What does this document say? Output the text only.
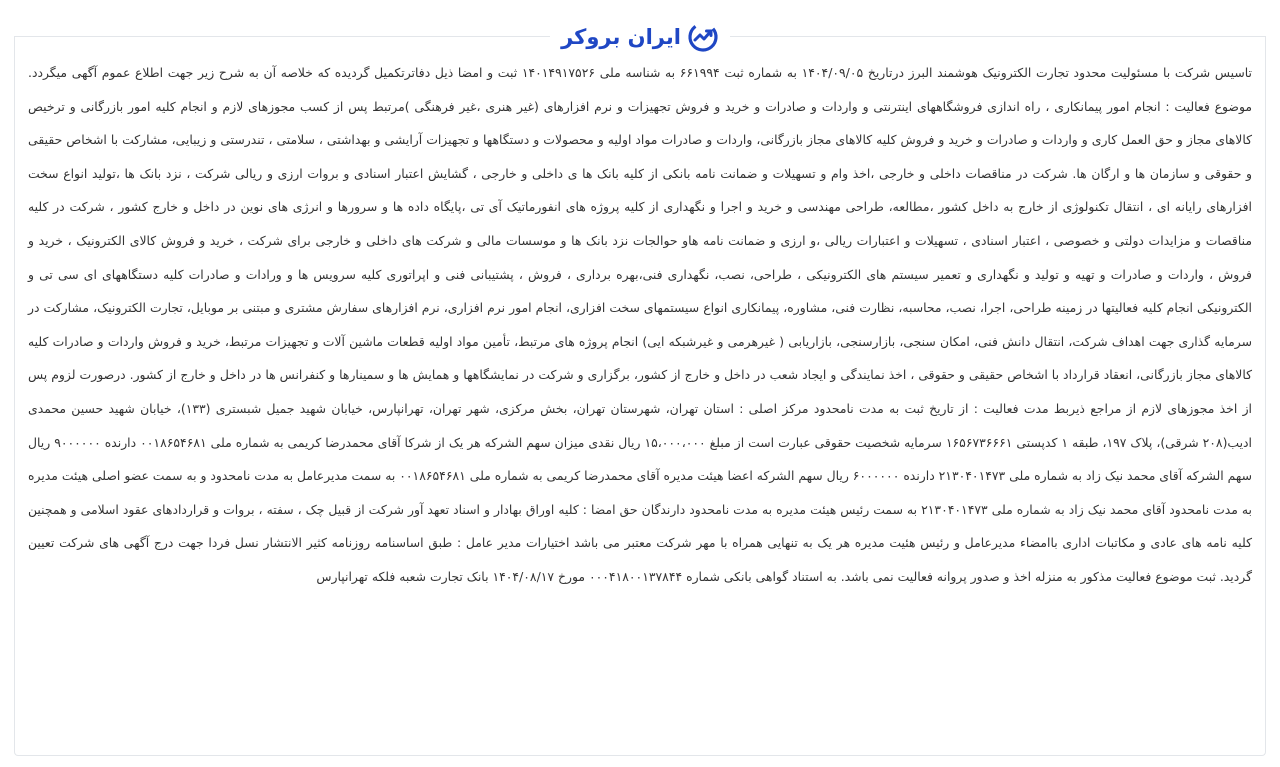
ایران بروکر

تاسیس شرکت با مسئولیت محدود تجارت الکترونیک هوشمند البرز درتاریخ ۱۴۰۴/۰۹/۰۵ به شماره ثبت ۶۶۱۹۹۴ به شناسه ملی ۱۴۰۱۴۹۱۷۵۲۶ ثبت و امضا ذیل دفاترتکمیل گردیده که خلاصه آن به شرح زیر جهت اطلاع عموم آگهی میگردد. موضوع فعالیت : انجام امور پیمانکاری ، راه اندازی فروشگاههای اینترنتی و واردات و صادرات و خرید و فروش تجهیزات و نرم افزارهای (غیر هنری ،غیر فرهنگی )مرتبط پس از کسب مجوزهای لازم و انجام کلیه امور بازرگانی و ترخیص کالاهای مجاز و حق العمل کاری و واردات و صادرات و خرید و فروش کلیه کالاهای مجاز بازرگانی، واردات و صادرات مواد اولیه و محصولات و دستگاهها و تجهیزات آرایشی و بهداشتی ، سلامتی ، تندرستی و زیبایی، مشارکت با اشخاص حقیقی و حقوقی و سازمان ها و ارگان ها. شرکت در مناقصات داخلی و خارجی ،اخذ وام و تسهیلات و ضمانت نامه بانکی از کلیه بانک ها ی داخلی و خارجی ، گشایش اعتبار اسنادی و بروات ارزی و ریالی شرکت ، نزد بانک ها ،تولید انواع سخت افزارهای رایانه ای ، انتقال تکنولوژی از خارج به داخل کشور ،مطالعه، طراحی مهندسی و خرید و اجرا و نگهداری از کلیه پروژه های انفورماتیک آی تی ،پایگاه داده ها و سرورها و انرژی های نوین در داخل و خارج کشور ، شرکت در کلیه مناقصات و مزایدات دولتی و خصوصی ، اعتبار اسنادی ، تسهیلات و اعتبارات ریالی ،و ارزی و ضمانت نامه هاو حوالجات نزد بانک ها و موسسات مالی و شرکت های داخلی و خارجی برای شرکت ، خرید و فروش کالای الکترونیک ، خرید و فروش ، واردات و صادرات و تهیه و تولید و نگهداری و تعمیر سیستم های الکترونیکی ، طراحی، نصب، نگهداری فنی،بهره برداری ، فروش ، پشتیبانی فنی و اپراتوری کلیه سرویس ها و ورادات و صادرات کلیه دستگاههای ای سی تی و الکترونیکی انجام کلیه فعالیتها در زمینه طراحی، اجرا، نصب، محاسبه، نظارت فنی، مشاوره، پیمانکاری انواع سیستمهای سخت افزاری، انجام امور نرم افزاری، نرم افزارهای سفارش مشتری و مبتنی بر موبایل، تجارت الکترونیک، مشارکت در سرمایه گذاری جهت اهداف شرکت، انتقال دانش فنی، امکان سنجی، بازارسنجی، بازاریابی ( غیرهرمی و غیرشبکه ایی) انجام پروژه های مرتبط، تأمین مواد اولیه قطعات ماشین آلات و تجهیزات مرتبط، خرید و فروش واردات و صادرات کلیه کالاهای مجاز بازرگانی، انعقاد قرارداد با اشخاص حقیقی و حقوقی ، اخذ نمایندگی و ایجاد شعب در داخل و خارج از کشور، برگزاری و شرکت در نمایشگاهها و همایش ها و سمینارها و کنفرانس ها در داخل و خارج از کشور. درصورت لزوم پس از اخذ مجوزهای لازم از مراجع ذیربط مدت فعالیت : از تاریخ ثبت به مدت نامحدود مرکز اصلی : استان تهران، شهرستان تهران، بخش مرکزی، شهر تهران، تهرانپارس، خیابان شهید جمیل شبستری (۱۳۳)، خیابان شهید حسین محمدی ادیب(۲۰۸ شرقی)، پلاک ۱۹۷، طبقه ۱ کدپستی ۱۶۵۶۷۳۶۶۶۱ سرمایه شخصیت حقوقی عبارت است از مبلغ ۱۵،۰۰۰،۰۰۰ ریال نقدی میزان سهم الشرکه هر یک از شرکا آقای محمدرضا کریمی به شماره ملی ۰۰۱۸۶۵۴۶۸۱ دارنده ۹۰۰۰۰۰۰ ریال سهم الشرکه آقای محمد نیک زاد به شماره ملی ۲۱۳۰۴۰۱۴۷۳ دارنده ۶۰۰۰۰۰۰ ریال سهم الشرکه اعضا هیئت مدیره آقای محمدرضا کریمی به شماره ملی ۰۰۱۸۶۵۴۶۸۱ به سمت مدیرعامل به مدت نامحدود و به سمت عضو اصلی هیئت مدیره به مدت نامحدود آقای محمد نیک زاد به شماره ملی ۲۱۳۰۴۰۱۴۷۳ به سمت رئیس هیئت مدیره به مدت نامحدود دارندگان حق امضا : کلیه اوراق بهادار و اسناد تعهد آور شرکت از قبیل چک ، سفته ، بروات و قراردادهای عقود اسلامی و همچنین کلیه نامه های عادی و مکاتبات اداری باامضاء مدیرعامل و رئیس هئیت مدیره هر یک به تنهایی همراه با مهر شرکت معتبر می باشد اختیارات مدیر عامل : طبق اساسنامه روزنامه کثیر الانتشار نسل فردا جهت درج آگهی های شرکت تعیین گردید. ثبت موضوع فعالیت مذکور به منزله اخذ و صدور پروانه فعالیت نمی باشد. به استناد گواهی بانکی شماره ۰۰۰۴۱۸۰۰۱۳۷۸۴۴ مورخ ۱۴۰۴/۰۸/۱۷ بانک تجارت شعبه فلکه تهرانپارس
